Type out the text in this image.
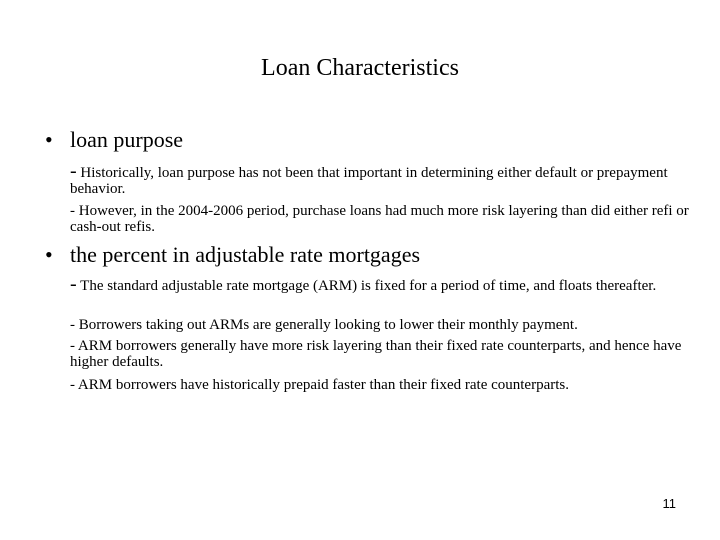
Loan Characteristics
• loan purpose
- Historically, loan purpose has not been that important in determining either default or prepayment behavior.
- However, in the 2004-2006 period, purchase loans had much more risk layering than did either refi or cash-out refis.
• the percent in adjustable rate mortgages
- The standard adjustable rate mortgage (ARM) is fixed for a period of time, and floats thereafter.
- Borrowers taking out ARMs are generally looking to lower their monthly payment.
- ARM borrowers generally have more risk layering than their fixed rate counterparts, and hence have higher defaults.
- ARM borrowers have historically prepaid faster than their fixed rate counterparts.
11
